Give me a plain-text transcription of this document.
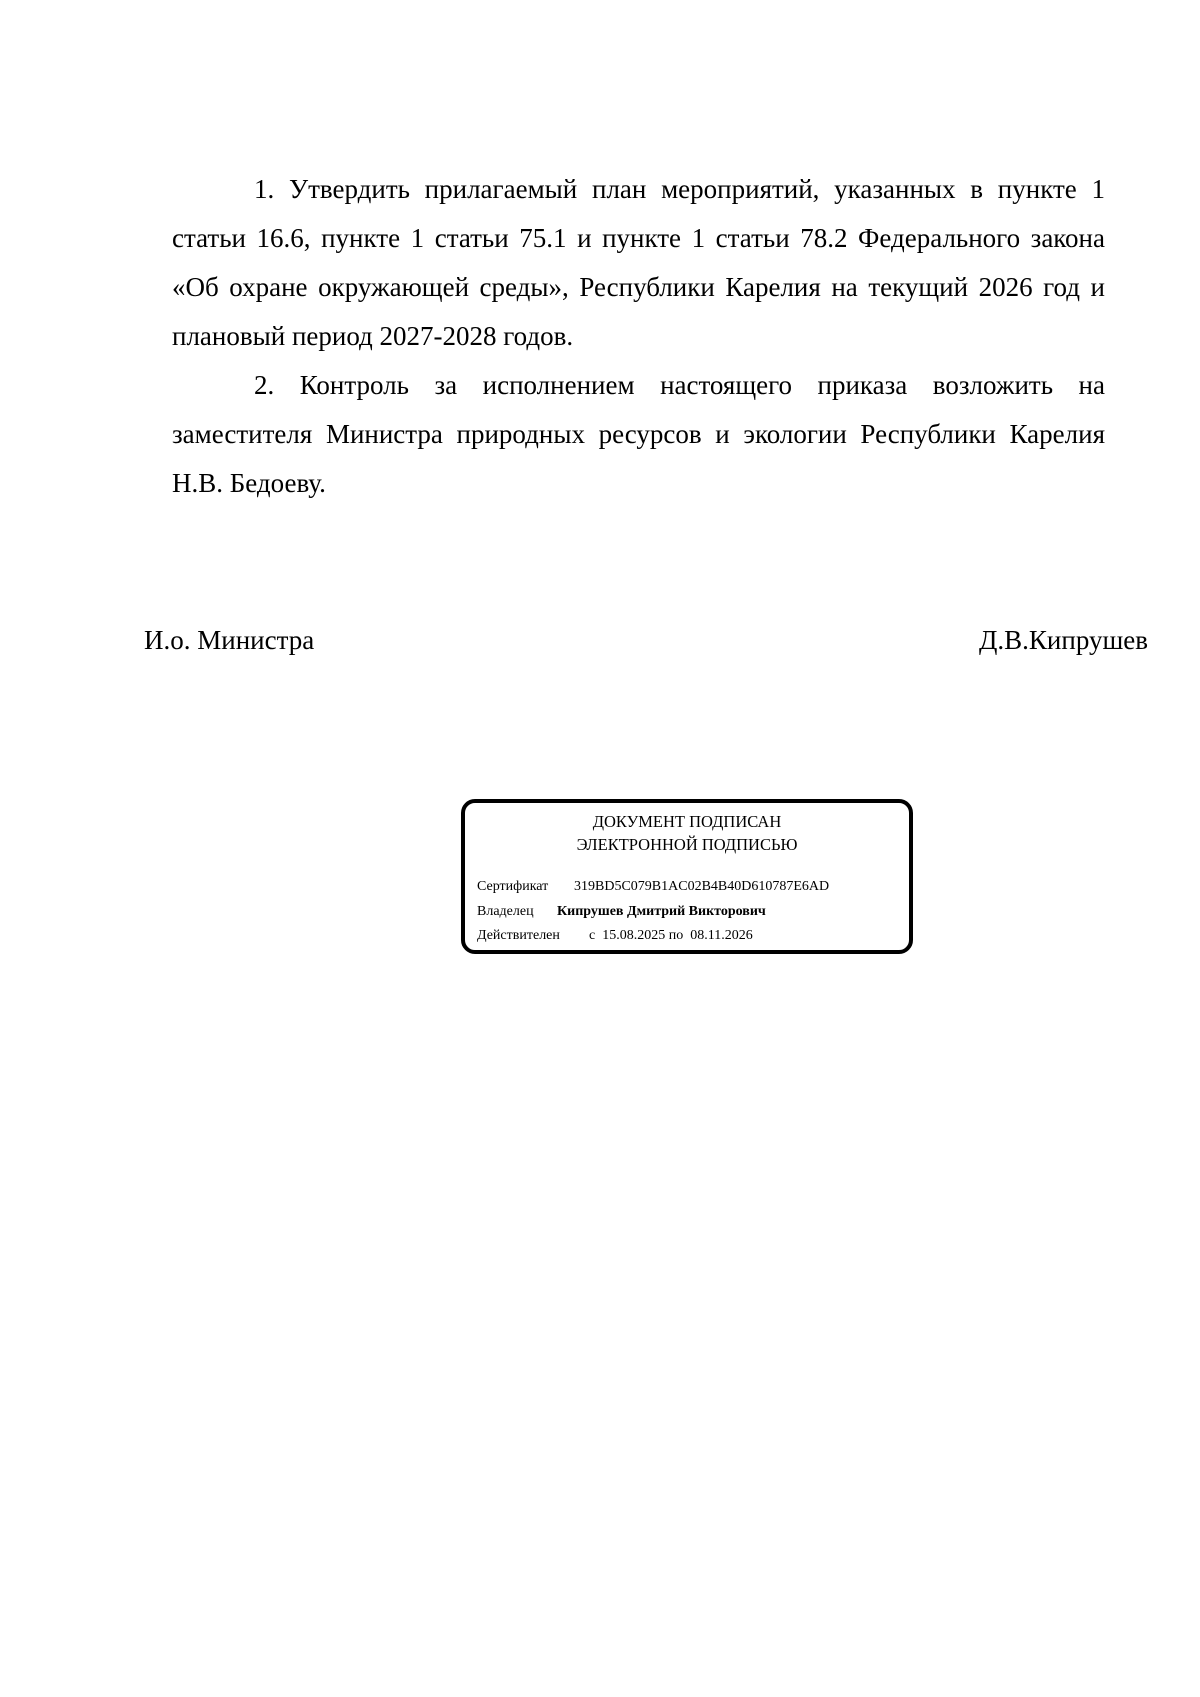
1. Утвердить прилагаемый план мероприятий, указанных в пункте 1 статьи 16.6, пункте 1 статьи 75.1 и пункте 1 статьи 78.2 Федерального закона «Об охране окружающей среды», Республики Карелия на текущий 2026 год и плановый период 2027-2028 годов.

2. Контроль за исполнением настоящего приказа возложить на заместителя Министра природных ресурсов и экологии Республики Карелия Н.В. Бедоеву.

И.о. Министра	Д.В.Кипрушев
ДОКУМЕНТ ПОДПИСАН
ЭЛЕКТРОННОЙ ПОДПИСЬЮ
Сертификат 319BD5C079B1AC02B4B40D610787E6AD
Владелец Кипрушев Дмитрий Викторович
Действителен с 15.08.2025 по 08.11.2026
